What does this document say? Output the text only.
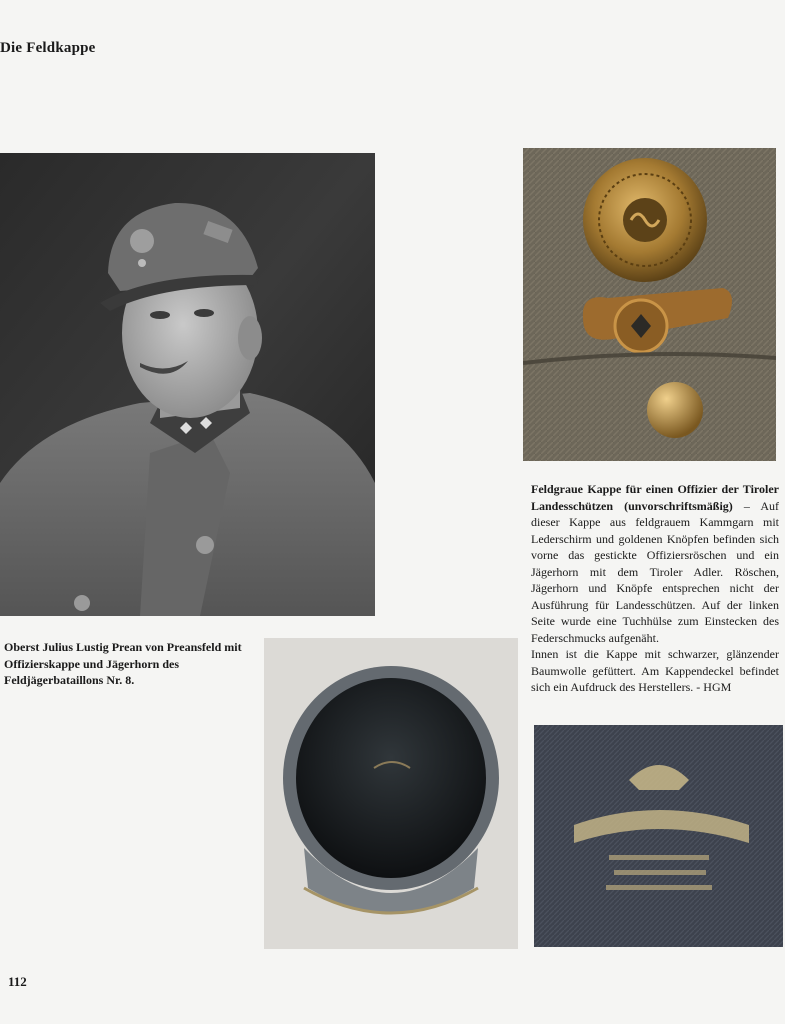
Die Feldkappe
Oberst Julius Lustig Prean von Preansfeld mit Offizierskappe und Jägerhorn des Feldjägerbataillons Nr. 8.

Feldgraue Kappe für einen Offizier der Tiroler Landesschützen (unvorschriftsmäßig) – Auf dieser Kappe aus feldgrauem Kammgarn mit Lederschirm und goldenen Knöpfen befinden sich vorne das gestickte Offiziersröschen und ein Jägerhorn mit dem Tiroler Adler. Röschen, Jägerhorn und Knöpfe entsprechen nicht der Ausführung für Landesschützen. Auf der linken Seite wurde eine Tuchhülse zum Einstecken des Federschmucks aufgenäht.

Innen ist die Kappe mit schwarzer, glänzender Baumwolle gefüttert. Am Kappendeckel befindet sich ein Aufdruck des Herstellers. - HGM

112
